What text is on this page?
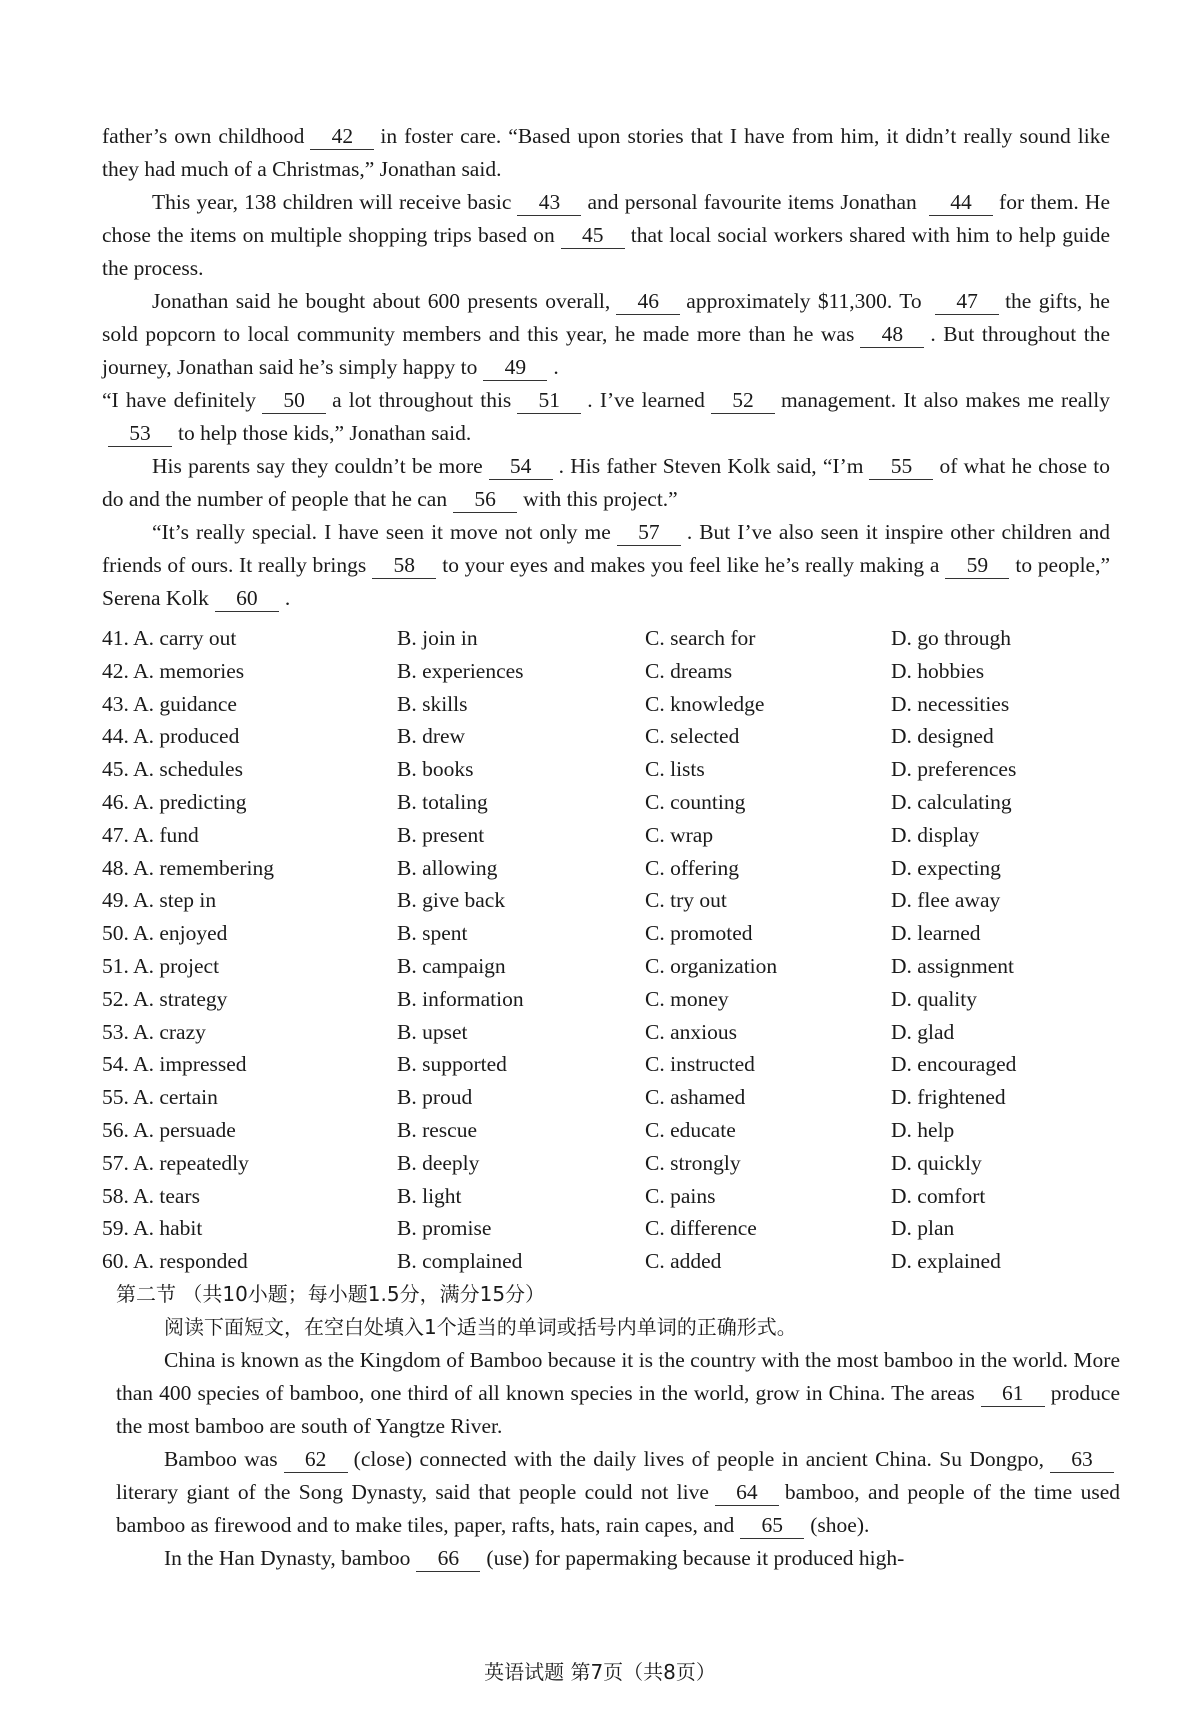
father’s own childhood 42 in foster care. “Based upon stories that I have from him, it didn’t really sound like they had much of a Christmas,” Jonathan said.

This year, 138 children will receive basic 43 and personal favourite items Jonathan 44 for them. He chose the items on multiple shopping trips based on 45 that local social workers shared with him to help guide the process.

Jonathan said he bought about 600 presents overall, 46 approximately $11,300. To 47 the gifts, he sold popcorn to local community members and this year, he made more than he was 48 . But throughout the journey, Jonathan said he’s simply happy to 49 .

“I have definitely 50 a lot throughout this 51 . I’ve learned 52 management. It also makes me really53 to help those kids,” Jonathan said.

His parents say they couldn’t be more 54 . His father Steven Kolk said, “I’m 55 of what he chose to do and the number of people that he can 56 with this project.”

“It’s really special. I have seen it move not only me 57 . But I’ve also seen it inspire other children and friends of ours. It really brings 58 to your eyes and makes you feel like he’s really making a 59 to people,” Serena Kolk 60 .

41. A. carry out	B. join in	C. search for	D. go through
42. A. memories	B. experiences	C. dreams	D. hobbies
43. A. guidance	B. skills	C. knowledge	D. necessities
44. A. produced	B. drew	C. selected	D. designed
45. A. schedules	B. books	C. lists	D. preferences
46. A. predicting	B. totaling	C. counting	D. calculating
47. A. fund	B. present	C. wrap	D. display
48. A. remembering	B. allowing	C. offering	D. expecting
49. A. step in	B. give back	C. try out	D. flee away
50. A. enjoyed	B. spent	C. promoted	D. learned
51. A. project	B. campaign	C. organization	D. assignment
52. A. strategy	B. information	C. money	D. quality
53. A. crazy	B. upset	C. anxious	D. glad
54. A. impressed	B. supported	C. instructed	D. encouraged
55. A. certain	B. proud	C. ashamed	D. frightened
56. A. persuade	B. rescue	C. educate	D. help
57. A. repeatedly	B. deeply	C. strongly	D. quickly
58. A. tears	B. light	C. pains	D. comfort
59. A. habit	B. promise	C. difference	D. plan
60. A. responded	B. complained	C. added	D. explained
第二节 （共10小题；每小题1.5分，满分15分）
阅读下面短文，在空白处填入1个适当的单词或括号内单词的正确形式。

China is known as the Kingdom of Bamboo because it is the country with the most bamboo in the world. More than 400 species of bamboo, one third of all known species in the world, grow in China. The areas 61 produce the most bamboo are south of Yangtze River.

Bamboo was 62 (close) connected with the daily lives of people in ancient China. Su Dongpo, 63literary giant of the Song Dynasty, said that people could not live 64 bamboo, and people of the time used bamboo as firewood and to make tiles, paper, rafts, hats, rain capes, and 65 (shoe).

In the Han Dynasty, bamboo 66 (use) for papermaking because it produced high-

英语试题 第7页（共8页）
